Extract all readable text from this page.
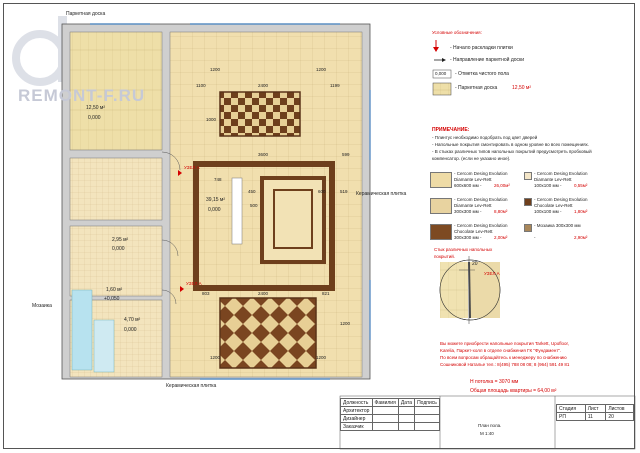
REMONT-F.RU
Паркетная доска
Керамическая плитка
Керамическая плитка
Мозаика
УЗЕЛ А
УЗЕЛ А
12,50 м²
0,000
39,15 м²
0,000
2,95 м²
0,000
1,60 м²
+0,050
4,70 м²
0,000
1100	2400	1199
1200	1200
1000
3600	599
748
450	600	519
500
803	2400	821
1200	1200
1200
Условные обозначения:
- Начало раскладки плитки
- Направление паркетной доски
0,000 - Отметка чистого пола
- Паркетная доска	12,50 м²
ПРИМЕЧАНИЕ:
- Плинтус необходимо подобрать под цвет дверей
- Напольные покрытия смонтировать в одном уровне во всех помещениях.
- В стыках различных типов напольных покрытий предусмотреть пробковый
компенсатор. (если не указано иное).
- Cercom Desing Evolution
Diamante Lev-Rett
600x600 мм -	26,00м²
- Cercom Desing Evolution
Diamante Lev-Rett
100x100 мм -	0,55м²
- Cercom Desing Evolution
Diamante Lev-Rett
300x300 мм -	8,80м²
- Cercom Desing Evolution
Chocolate Lev-Rett
100x100 мм -	1,80м²
- Cercom Desing Evolution
Chocolate Lev-Rett
300x300 мм -	2,00м²
- Мозаика 300x300 мм
-	2,90м²
Стык различных напольных
покрытий.
20
УЗЕЛ А
Вы можете приобрести напольные покрытия Tarkett, Upofloor,
Karelia, Паркет-холл в отделе снабжения ГК "Фундамент".
По всем вопросам обращайтесь к менеджеру по снабжению
Сошниковой Наталье тел.: 8(495) 788 08 08; 8 (964) 591 49 81
Н потолка = 3070 мм
Общая площадь квартиры = 64,00 м²
Должность	Фамилия	Дата	Подпись
Архитектор			
Дизайнер			
Заказчик			
Стадия	Лист	Листов
РП	11	20
План пола.
М 1:40
